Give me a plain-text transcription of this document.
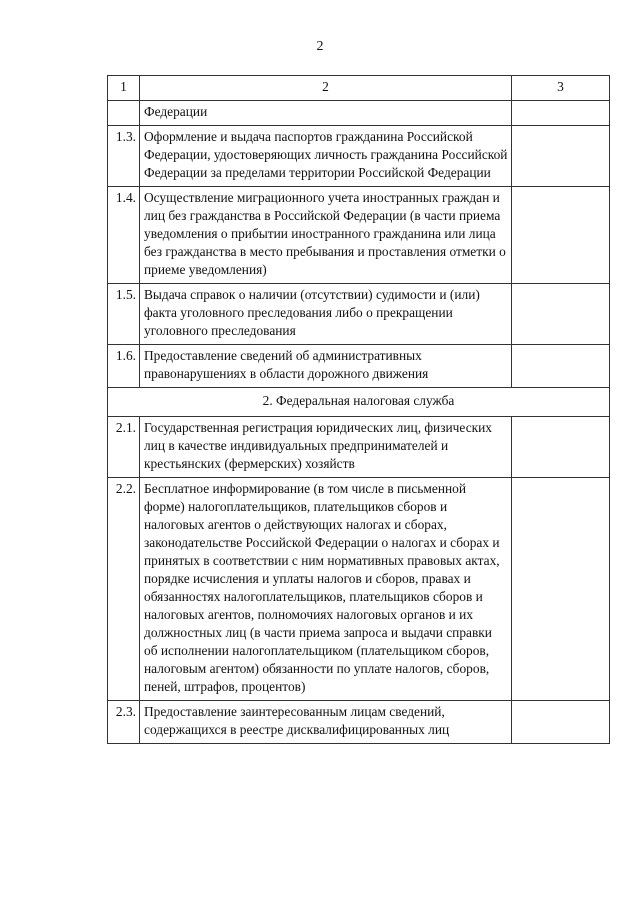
2
1	2	3
	Федерации	
1.3.	Оформление и выдача паспортов гражданина Российской Федерации, удостоверяющих личность гражданина Российской Федерации за пределами территории Российской Федерации	
1.4.	Осуществление миграционного учета иностранных граждан и лиц без гражданства в Российской Федерации (в части приема уведомления о прибытии иностранного гражданина или лица без гражданства в место пребывания и проставления отметки о приеме уведомления)	
1.5.	Выдача справок о наличии (отсутствии) судимости и (или) факта уголовного преследования либо о прекращении уголовного преследования	
1.6.	Предоставление сведений об административных правонарушениях в области дорожного движения	
2. Федеральная налоговая служба		
2.1.	Государственная регистрация юридических лиц, физических лиц в качестве индивидуальных предпринимателей и крестьянских (фермерских) хозяйств	
2.2.	Бесплатное информирование (в том числе в письменной форме) налогоплательщиков, плательщиков сборов и налоговых агентов о действующих налогах и сборах, законодательстве Российской Федерации о налогах и сборах и принятых в соответствии с ним нормативных правовых актах, порядке исчисления и уплаты налогов и сборов, правах и обязанностях налогоплательщиков, плательщиков сборов и налоговых агентов, полномочиях налоговых органов и их должностных лиц (в части приема запроса и выдачи справки об исполнении налогоплательщиком (плательщиком сборов, налоговым агентом) обязанности по уплате налогов, сборов, пеней, штрафов, процентов)	
2.3.	Предоставление заинтересованным лицам сведений, содержащихся в реестре дисквалифицированных лиц	
